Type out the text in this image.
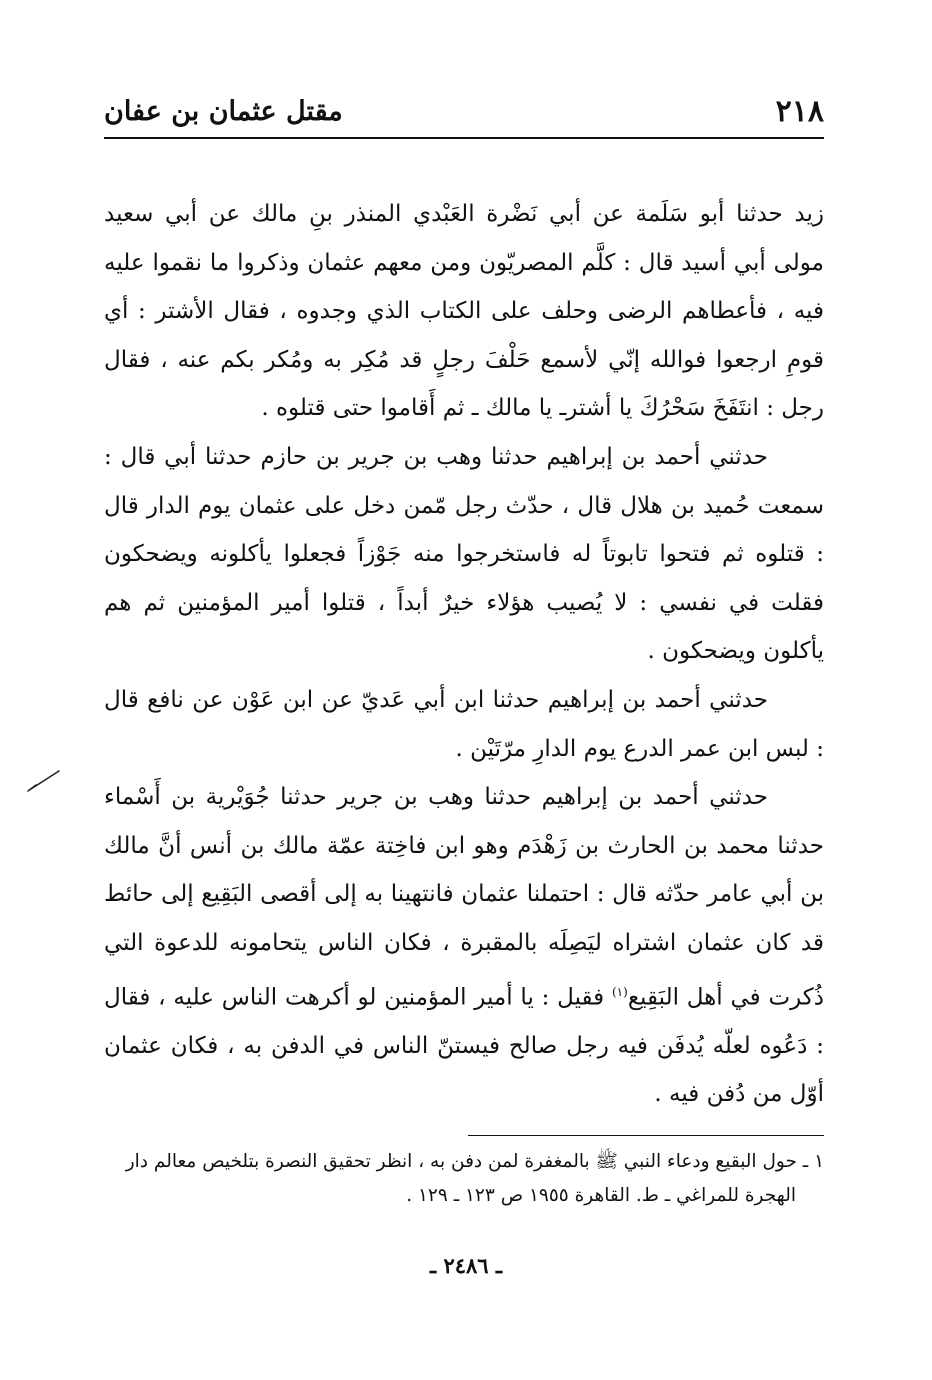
٢١٨
مقتل عثمان بن عفان

زيد حدثنا أبو سَلَمة عن أبي نَضْرة العَبْدي المنذر بنِ مالك عن أبي سعيد مولى أبي أسيد قال : كلَّم المصريّون ومن معهم عثمان وذكروا ما نقموا عليه فيه ، فأعطاهم الرضى وحلف على الكتاب الذي وجدوه ، فقال الأشتر : أي قومِ ارجعوا فوالله إنّي لأسمع حَلْفَ رجلٍ قد مُكِر به ومُكر بكم عنه ، فقال رجل : انتَفَخَ سَحْرُكَ يا أشترـ يا مالك ـ ثم أَقاموا حتى قتلوه .

حدثني أحمد بن إبراهيم حدثنا وهب بن جرير بن حازم حدثنا أبي قال : سمعت حُميد بن هلال قال ، حدّث رجل مّمن دخل على عثمان يوم الدار قال : قتلوه ثم فتحوا تابوتاً له فاستخرجوا منه جَوْزاً فجعلوا يأكلونه ويضحكون فقلت في نفسي : لا يُصيب هؤلاء خيرٌ أبداً ، قتلوا أمير المؤمنين ثم هم يأكلون ويضحكون .

حدثني أحمد بن إبراهيم حدثنا ابن أبي عَديّ عن ابن عَوْن عن نافع قال : لبس ابن عمر الدرع يوم الدارِ مرّتَيْن .

حدثني أحمد بن إبراهيم حدثنا وهب بن جرير حدثنا جُوَيْرية بن أَسْماء حدثنا محمد بن الحارث بن زَهْدَم وهو ابن فاخِتة عمّة مالك بن أنس أنَّ مالك بن أبي عامر حدّثه قال : احتملنا عثمان فانتهينا به إلى أقصى البَقِيع إلى حائط قد كان عثمان اشتراه ليَصِلَه بالمقبرة ، فكان الناس يتحامونه للدعوة التي ذُكرت في أهل البَقِيع$^{(١)}$ فقيل : يا أمير المؤمنين لو أكرهت الناس عليه ، فقال : دَعُوه لعلّه يُدفَن فيه رجل صالح فيستنّ الناس في الدفن به ، فكان عثمان أوّل من دُفن فيه .

١ ـ حول البقيع ودعاء النبي ﷺ بالمغفرة لمن دفن به ، انظر تحقيق النصرة بتلخيص معالم دار

الهجرة للمراغي ـ ط. القاهرة ١٩٥٥ ص ١٢٣ ـ ١٢٩ .

ـ ٢٤٨٦ ـ
